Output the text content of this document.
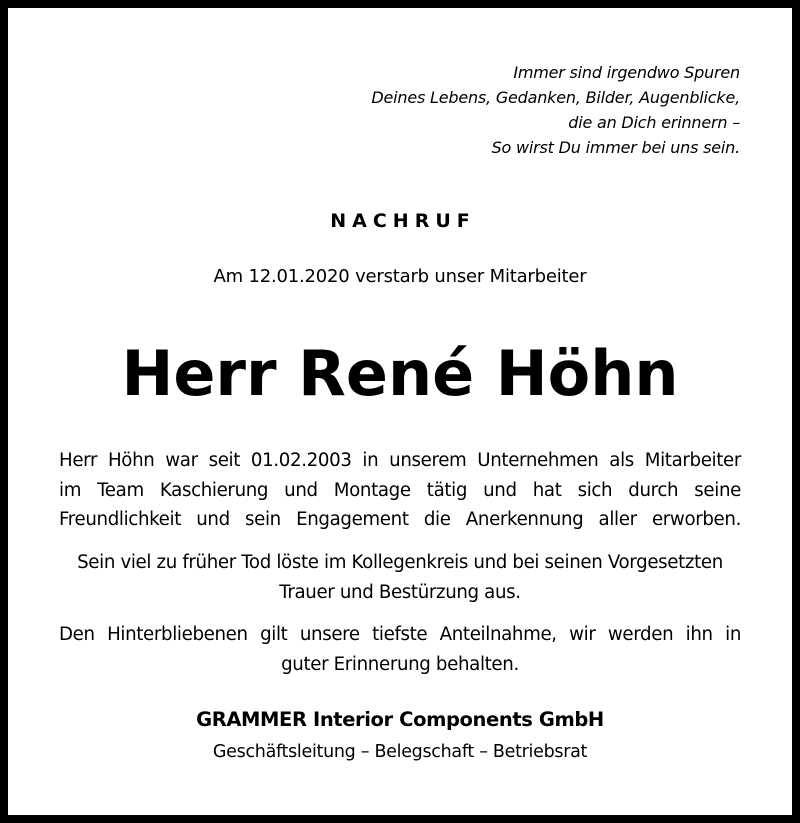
Immer sind irgendwo Spuren
Deines Lebens, Gedanken, Bilder, Augenblicke,
die an Dich erinnern –
So wirst Du immer bei uns sein.
NACHRUF
Am 12.01.2020 verstarb unser Mitarbeiter
Herr René Höhn
Herr Höhn war seit 01.02.2003 in unserem Unternehmen als Mitarbeiter
im Team Kaschierung und Montage tätig und hat sich durch seine
Freundlichkeit und sein Engagement die Anerkennung aller erworben.
Sein viel zu früher Tod löste im Kollegenkreis und bei seinen Vorgesetzten
Trauer und Bestürzung aus.
Den Hinterbliebenen gilt unsere tiefste Anteilnahme, wir werden ihn in
guter Erinnerung behalten.
GRAMMER Interior Components GmbH
Geschäftsleitung – Belegschaft – Betriebsrat
